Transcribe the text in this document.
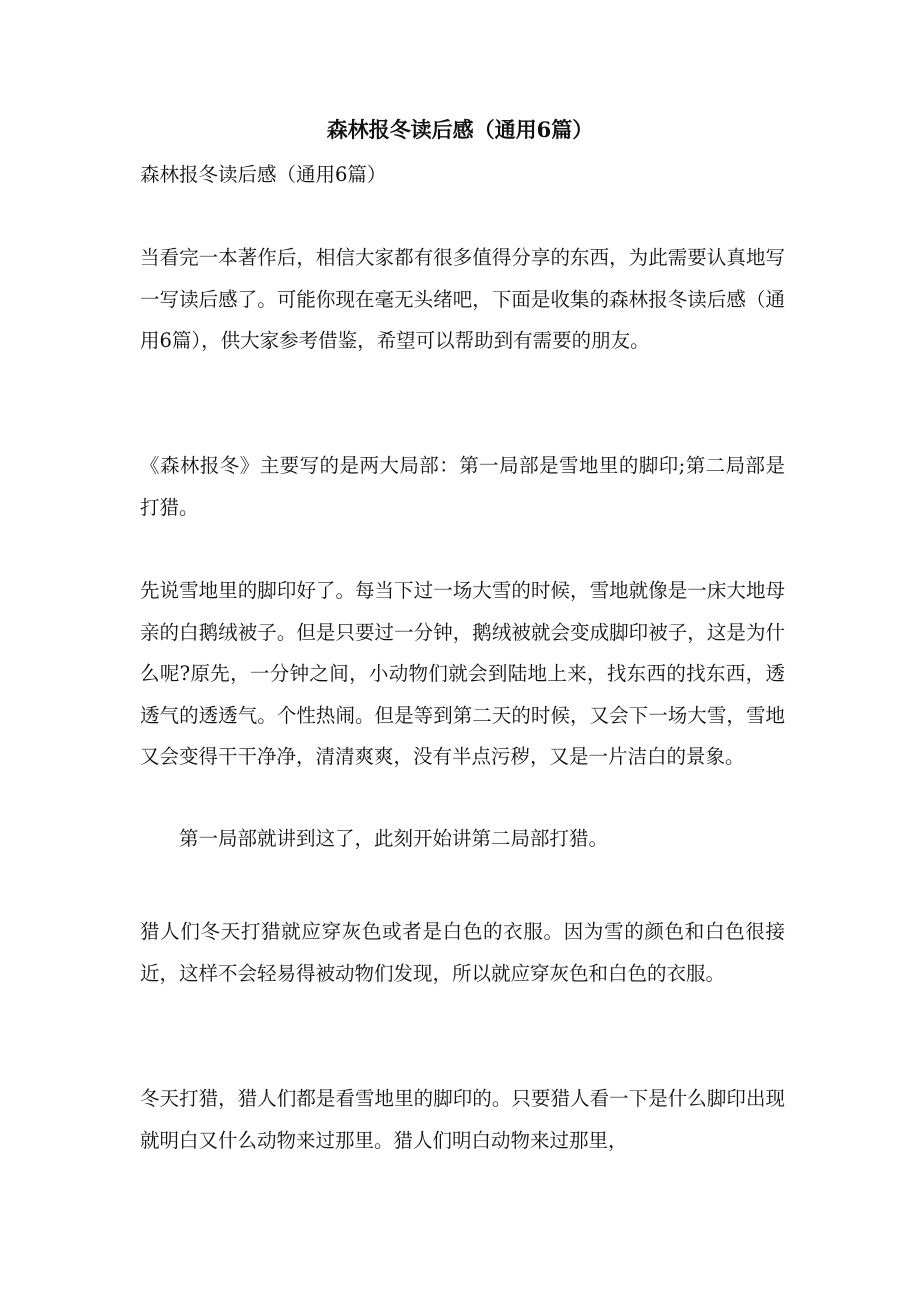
森林报冬读后感（通用6篇）

森林报冬读后感（通用6篇）

当看完一本著作后，相信大家都有很多值得分享的东西，为此需要认真地写一写读后感了。可能你现在毫无头绪吧，下面是收集的森林报冬读后感（通用6篇），供大家参考借鉴，希望可以帮助到有需要的朋友。

《森林报冬》主要写的是两大局部：第一局部是雪地里的脚印;第二局部是打猎。

先说雪地里的脚印好了。每当下过一场大雪的时候，雪地就像是一床大地母亲的白鹅绒被子。但是只要过一分钟，鹅绒被就会变成脚印被子，这是为什么呢?原先，一分钟之间，小动物们就会到陆地上来，找东西的找东西，透透气的透透气。个性热闹。但是等到第二天的时候，又会下一场大雪，雪地又会变得干干净净，清清爽爽，没有半点污秽，又是一片洁白的景象。

第一局部就讲到这了，此刻开始讲第二局部打猎。

猎人们冬天打猎就应穿灰色或者是白色的衣服。因为雪的颜色和白色很接近，这样不会轻易得被动物们发现，所以就应穿灰色和白色的衣服。

冬天打猎，猎人们都是看雪地里的脚印的。只要猎人看一下是什么脚印出现就明白又什么动物来过那里。猎人们明白动物来过那里，
